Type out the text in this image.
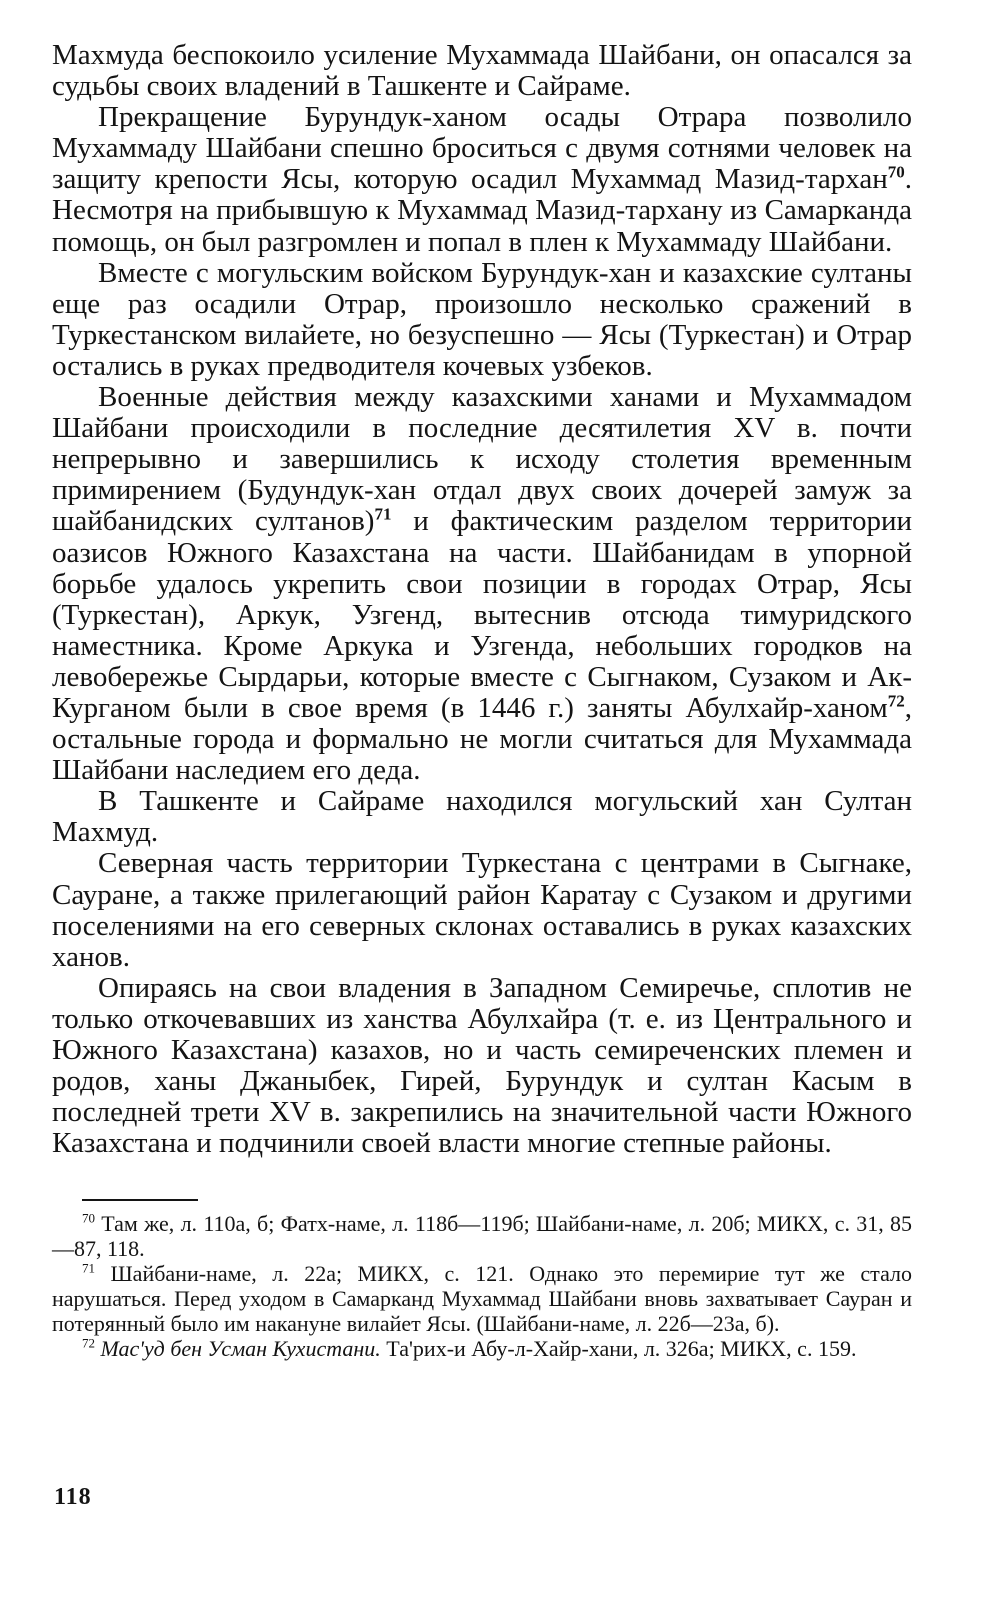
Махмуда беспокоило усиление Мухаммада Шайбани, он опасался за судьбы своих владений в Ташкенте и Сайраме.

Прекращение Бурундук-ханом осады Отрара позволило Мухаммаду Шайбани спешно броситься с двумя сотнями человек на защиту крепости Ясы, которую осадил Мухаммад Мазид-тархан$^{70}$. Несмотря на прибывшую к Мухаммад Мазид-тархану из Самарканда помощь, он был разгромлен и попал в плен к Мухаммаду Шайбани.

Вместе с могульским войском Бурундук-хан и казахские султаны еще раз осадили Отрар, произошло несколько сражений в Туркестанском вилайете, но безуспешно — Ясы (Туркестан) и Отрар остались в руках предводителя кочевых узбеков.

Военные действия между казахскими ханами и Мухаммадом Шайбани происходили в последние десятилетия XV в. почти непрерывно и завершились к исходу столетия временным примирением (Будундук-хан отдал двух своих дочерей замуж за шайбанидских султанов)$^{71}$ и фактическим разделом территории оазисов Южного Казахстана на части. Шайбанидам в упорной борьбе удалось укрепить свои позиции в городах Отрар, Ясы (Туркестан), Аркук, Узгенд, вытеснив отсюда тимуридского наместника. Кроме Аркука и Узгенда, небольших городков на левобережье Сырдарьи, которые вместе с Сыгнаком, Сузаком и Ак-Курганом были в свое время (в 1446 г.) заняты Абулхайр-ханом$^{72}$, остальные города и формально не могли считаться для Мухаммада Шайбани наследием его деда.

В Ташкенте и Сайраме находился могульский хан Султан Махмуд.

Северная часть территории Туркестана с центрами в Сыгнаке, Сауране, а также прилегающий район Каратау с Сузаком и другими поселениями на его северных склонах оставались в руках казахских ханов.

Опираясь на свои владения в Западном Семиречье, сплотив не только откочевавших из ханства Абулхайра (т. е. из Центрального и Южного Казахстана) казахов, но и часть семиреченских племен и родов, ханы Джаныбек, Гирей, Бурундук и султан Касым в последней трети XV в. закрепились на значительной части Южного Казахстана и подчинили своей власти многие степные районы.

$^{70}$ Там же, л. 110а, б; Фатх-наме, л. 118б—119б; Шайбани-наме, л. 20б; МИКХ, с. 31, 85—87, 118.

$^{71}$ Шайбани-наме, л. 22а; МИКХ, с. 121. Однако это перемирие тут же стало нарушаться. Перед уходом в Самарканд Мухаммад Шайбани вновь захватывает Сауран и потерянный было им накануне вилайет Ясы. (Шайбани-наме, л. 22б—23а, б).

$^{72}$ Мас'уд бен Усман Кухистани. Та'рих-и Абу-л-Хайр-хани, л. 326а; МИКХ, с. 159.

118
